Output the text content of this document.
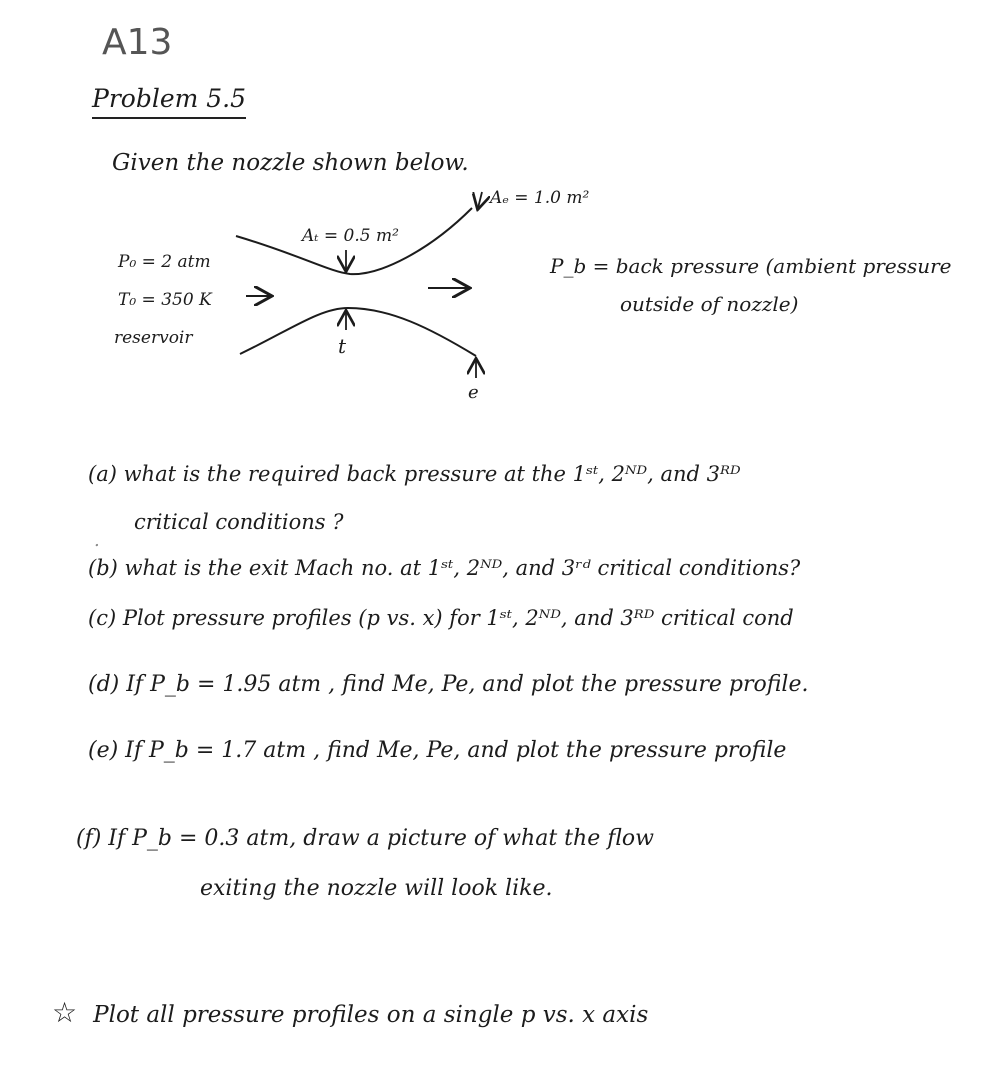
A13
Problem 5.5
Given the nozzle shown below.
P₀ = 2 atm
T₀ = 350 K
reservoir
Aₑ = 1.0 m²
Aₜ = 0.5 m²
t
e
P_b = back pressure (ambient pressure
outside of nozzle)
(a) what is the required back pressure at the 1ˢᵗ, 2ᴺᴰ, and 3ᴿᴰ
.
critical conditions ?
(b) what is the exit Mach no. at 1ˢᵗ, 2ᴺᴰ, and 3ʳᵈ critical conditions?
(c) Plot pressure profiles (p vs. x) for 1ˢᵗ, 2ᴺᴰ, and 3ᴿᴰ critical cond
(d) If P_b = 1.95 atm , find Me, Pe, and plot the pressure profile.
(e) If P_b = 1.7 atm , find Me, Pe, and plot the pressure profile
(f) If P_b = 0.3 atm, draw a picture of what the flow
exiting the nozzle will look like.
☆ Plot all pressure profiles on a single p vs. x axis
